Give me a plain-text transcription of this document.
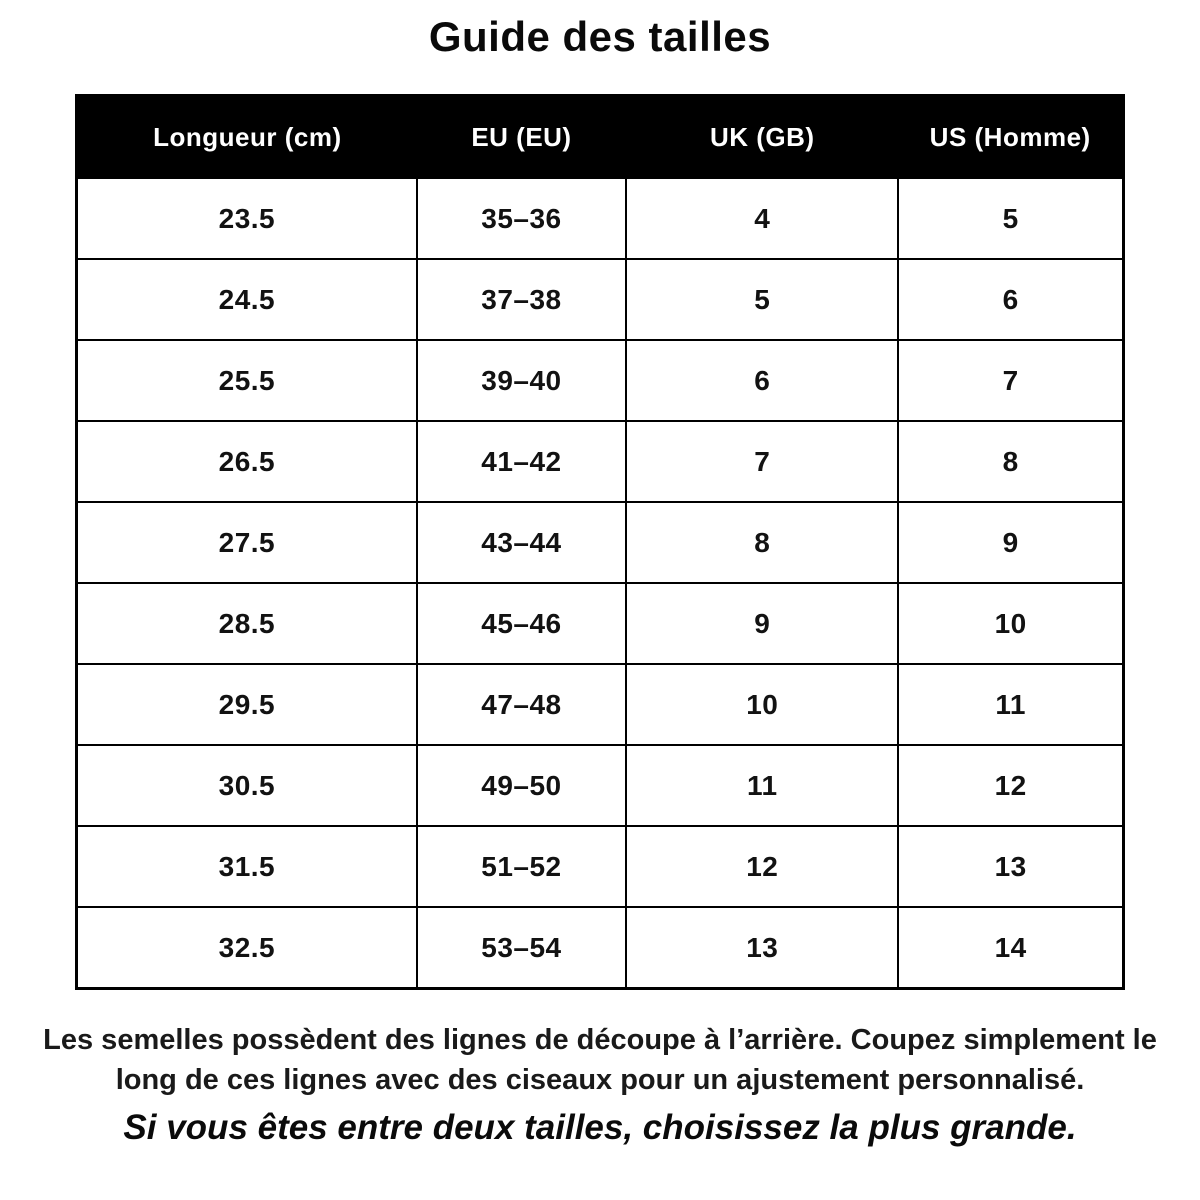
Guide des tailles
Longueur (cm)	EU (EU)	UK (GB)	US (Homme)
23.5	35–36	4	5
24.5	37–38	5	6
25.5	39–40	6	7
26.5	41–42	7	8
27.5	43–44	8	9
28.5	45–46	9	10
29.5	47–48	10	11
30.5	49–50	11	12
31.5	51–52	12	13
32.5	53–54	13	14

Les semelles possèdent des lignes de découpe à l’arrière. Coupez simplement le long de ces lignes avec des ciseaux pour un ajustement personnalisé.

Si vous êtes entre deux tailles, choisissez la plus grande.
